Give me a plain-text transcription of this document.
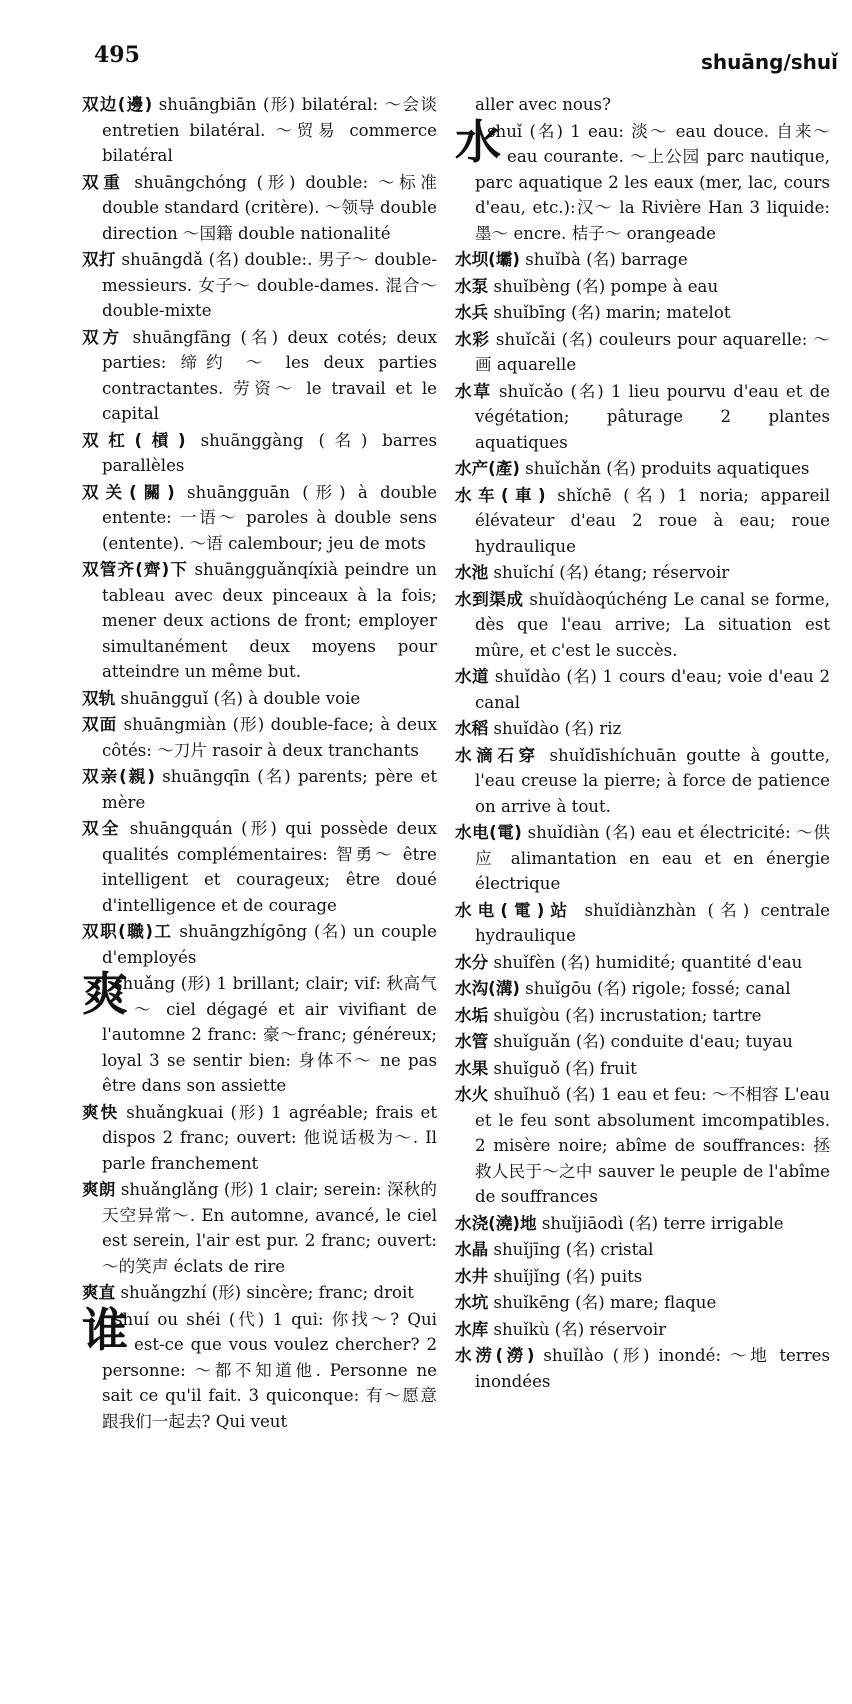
495	shuāng/shuǐ
双边(邊) shuāngbiān (形) bilatéral: ～会谈 entretien bilatéral. ～贸易 commerce bilatéral
双重 shuāngchóng (形) double: ～标准 double standard (critère). ～领导 double direction ～国籍 double nationalité
双打 shuāngdǎ (名) double:. 男子～ double-messieurs. 女子～ double-dames. 混合～ double-mixte
双方 shuāngfāng (名) deux cotés; deux parties: 缔约 ～ les deux parties contractantes. 劳资～ le travail et le capital
双杠(槓) shuānggàng (名) barres parallèles
双关(關) shuāngguān (形) à double entente: 一语～ paroles à double sens (entente). ～语 calembour; jeu de mots
双管齐(齊)下 shuāngguǎnqíxià peindre un tableau avec deux pinceaux à la fois; mener deux actions de front; employer simultanément deux moyens pour atteindre un même but.
双轨 shuāngguǐ (名) à double voie
双面 shuāngmiàn (形) double-face; à deux côtés: ～刀片 rasoir à deux tranchants
双亲(親) shuāngqīn (名) parents; père et mère
双全 shuāngquán (形) qui possède deux qualités complémentaires: 智勇～ être intelligent et courageux; être doué d'intelligence et de courage
双职(職)工 shuāngzhígōng (名) un couple d'employés
爽
shuǎng (形) 1 brillant; clair; vif: 秋高气～ ciel dégagé et air vivifiant de l'automne 2 franc: 豪～franc; généreux; loyal 3 se sentir bien: 身体不～ ne pas être dans son assiette
爽快 shuǎngkuai (形) 1 agréable; frais et dispos 2 franc; ouvert: 他说话极为～. Il parle franchement
爽朗 shuǎnglǎng (形) 1 clair; serein: 深秋的天空异常～. En automne, avancé, le ciel est serein, l'air est pur. 2 franc; ouvert: ～的笑声 éclats de rire
爽直 shuǎngzhí (形) sincère; franc; droit
谁
shuí ou shéi (代) 1 qui: 你找～? Qui est-ce que vous voulez chercher? 2 personne: ～都不知道他. Personne ne sait ce qu'il fait. 3 quiconque: 有～愿意跟我们一起去? Qui veut
aller avec nous?
水
shuǐ (名) 1 eau: 淡～ eau douce. 自来～ eau courante. ～上公园 parc nautique, parc aquatique 2 les eaux (mer, lac, cours d'eau, etc.):汉～ la Rivière Han 3 liquide: 墨～ encre. 桔子～ orangeade
水坝(壩) shuǐbà (名) barrage
水泵 shuǐbèng (名) pompe à eau
水兵 shuǐbīng (名) marin; matelot
水彩 shuǐcǎi (名) couleurs pour aquarelle: ～画 aquarelle
水草 shuǐcǎo (名) 1 lieu pourvu d'eau et de végétation; pâturage 2 plantes aquatiques
水产(產) shuǐchǎn (名) produits aquatiques
水车(車) shǐchē (名) 1 noria; appareil élévateur d'eau 2 roue à eau; roue hydraulique
水池 shuǐchí (名) étang; réservoir
水到渠成 shuǐdàoqúchéng Le canal se forme, dès que l'eau arrive; La situation est mûre, et c'est le succès.
水道 shuǐdào (名) 1 cours d'eau; voie d'eau 2 canal
水稻 shuǐdào (名) riz
水滴石穿 shuǐdīshíchuān goutte à goutte, l'eau creuse la pierre; à force de patience on arrive à tout.
水电(電) shuǐdiàn (名) eau et électricité: ～供应 alimantation en eau et en énergie électrique
水电(電)站 shuǐdiànzhàn (名) centrale hydraulique
水分 shuǐfèn (名) humidité; quantité d'eau
水沟(溝) shuǐgōu (名) rigole; fossé; canal
水垢 shuǐgòu (名) incrustation; tartre
水管 shuǐguǎn (名) conduite d'eau; tuyau
水果 shuǐguǒ (名) fruit
水火 shuǐhuǒ (名) 1 eau et feu: ～不相容 L'eau et le feu sont absolument imcompatibles. 2 misère noire; abîme de souffrances: 拯救人民于～之中 sauver le peuple de l'abîme de souffrances
水浇(澆)地 shuǐjiāodì (名) terre irrigable
水晶 shuǐjīng (名) cristal
水井 shuǐjǐng (名) puits
水坑 shuǐkēng (名) mare; flaque
水库 shuǐkù (名) réservoir
水涝(澇) shuǐlào (形) inondé: ～地 terres inondées
